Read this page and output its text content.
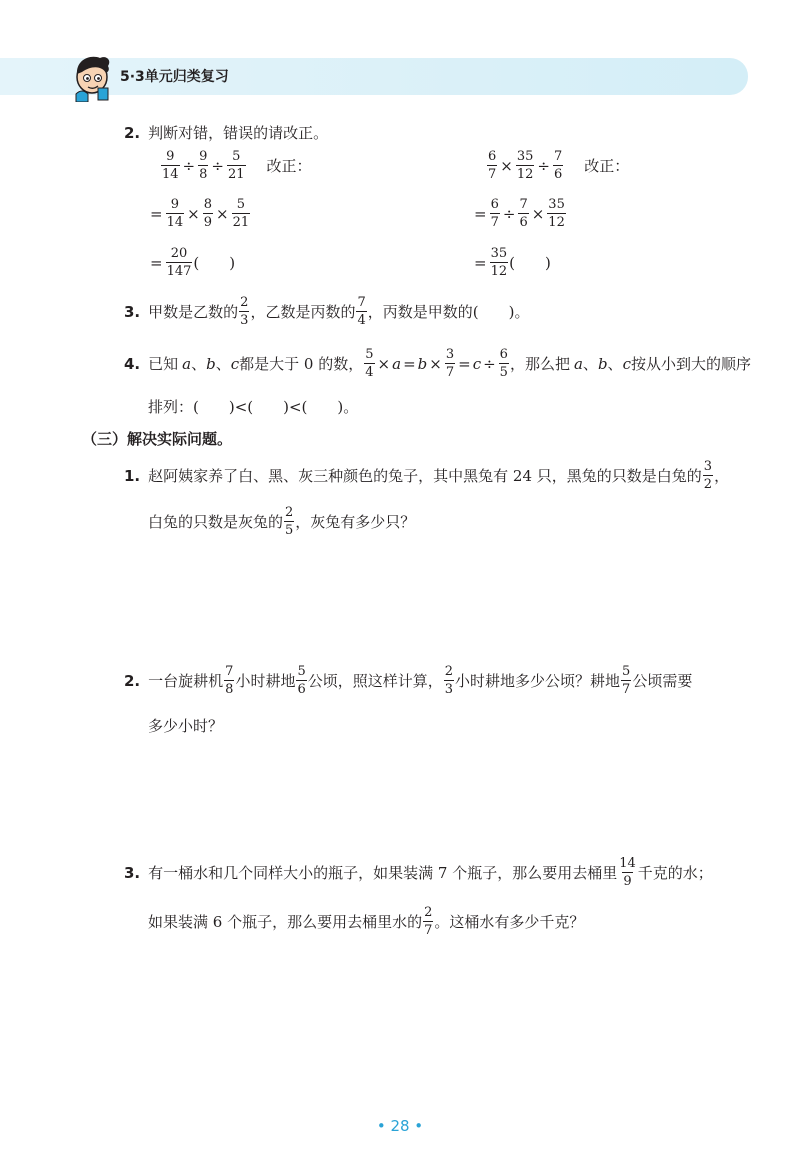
5·3单元归类复习
2. 判断对错，错误的请改正。
$\frac{9}{14} \div \frac{9}{8} \div \frac{5}{21}$ 改正：
= $\frac{9}{14} \times \frac{8}{9} \times \frac{5}{21}$
= $\frac{20}{147}$ (　　)
$\frac{6}{7} \times \frac{35}{12} \div \frac{7}{6}$ 改正：
= $\frac{6}{7} \div \frac{7}{6} \times \frac{35}{12}$
= $\frac{35}{12}$ (　　)
3. 甲数是乙数的 $\frac{2}{3}$ ，乙数是丙数的 $\frac{7}{4}$ ，丙数是甲数的(　　)。
4. 已知 a 、 b 、 c 都是大于 0 的数， $\frac{5}{4} \times a = b \times \frac{3}{7} = c \div \frac{6}{5}$ ，那么把 a 、 b 、 c 按从小到大的顺序
排列：(　　)<(　　)<(　　)。
（三）解决实际问题。
1. 赵阿姨家养了白、黑、灰三种颜色的兔子，其中黑兔有 24 只，黑兔的只数是白兔的 $\frac{3}{2}$ ，
白兔的只数是灰兔的 $\frac{2}{5}$ ，灰兔有多少只？
2. 一台旋耕机 $\frac{7}{8}$ 小时耕地 $\frac{5}{6}$ 公顷，照这样计算， $\frac{2}{3}$ 小时耕地多少公顷？耕地 $\frac{5}{7}$ 公顷需要
多少小时？
3. 有一桶水和几个同样大小的瓶子，如果装满 7 个瓶子，那么要用去桶里 $\frac{14}{9}$ 千克的水；
如果装满 6 个瓶子，那么要用去桶里水的 $\frac{2}{7}$ 。这桶水有多少千克？
• 28 •
